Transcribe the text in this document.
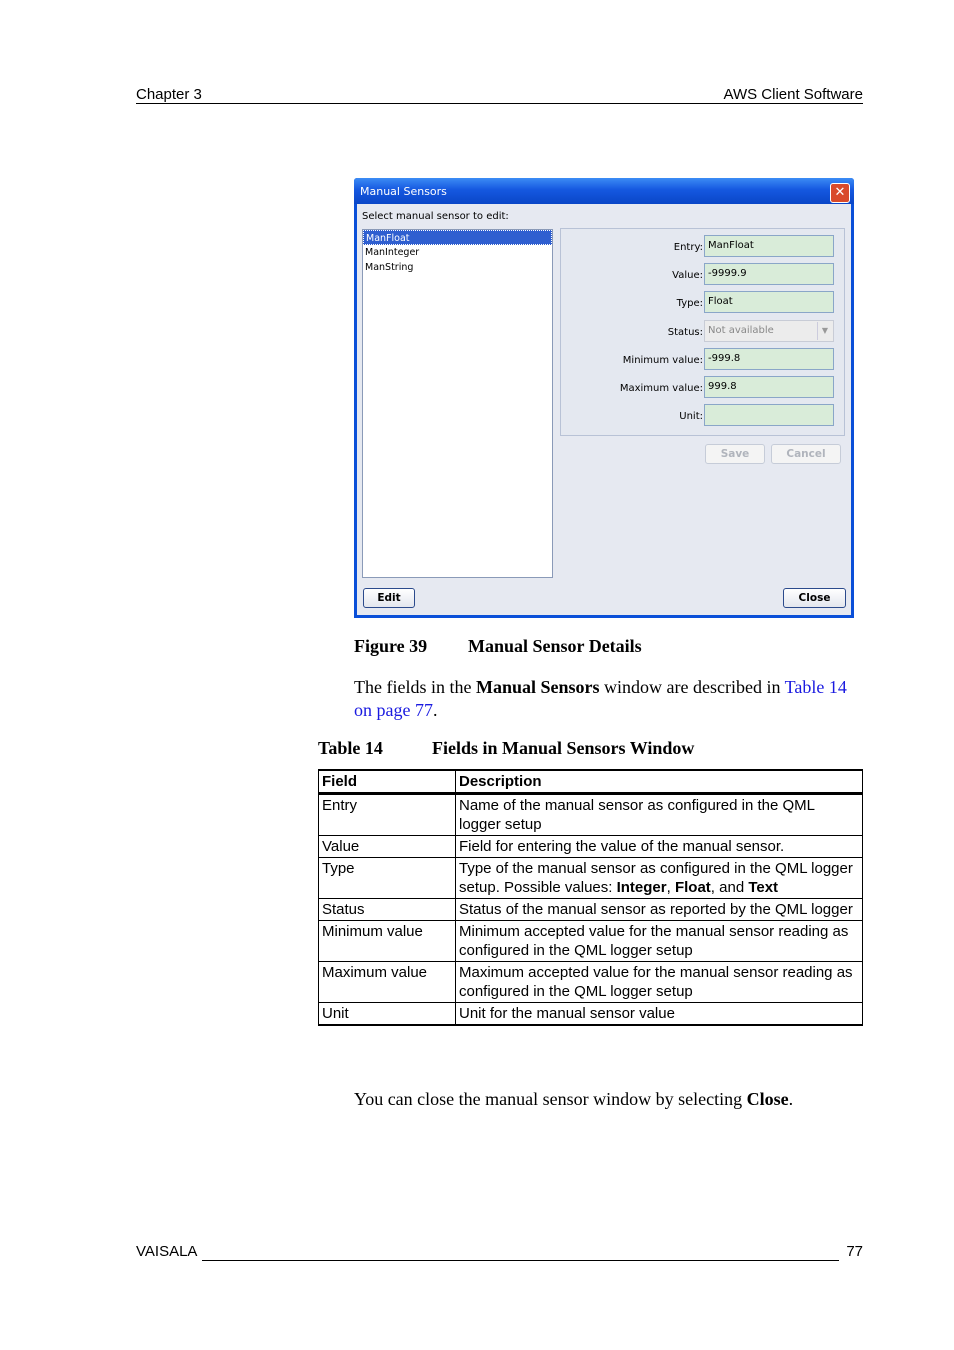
Chapter 3	AWS Client Software
Manual Sensors	✕
Select manual sensor to edit:
ManFloat
ManInteger
ManString
Entry: ManFloat
Value: -9999.9
Type: Float
Status: Not available	▼
Minimum value: -999.8
Maximum value: 999.8
Unit:
Save	Cancel
Edit	Close
Figure 39 Manual Sensor Details
The fields in the Manual Sensors window are described in Table 14 on page 77.
Table 14	Fields in Manual Sensors Window
Field	Description
Entry	Name of the manual sensor as configured in the QML logger setup
Value	Field for entering the value of the manual sensor.
Type	Type of the manual sensor as configured in the QML logger setup. Possible values: Integer, Float, and Text
Status	Status of the manual sensor as reported by the QML logger
Minimum value	Minimum accepted value for the manual sensor reading as configured in the QML logger setup
Maximum value	Maximum accepted value for the manual sensor reading as configured in the QML logger setup
Unit	Unit for the manual sensor value
You can close the manual sensor window by selecting Close.
VAISALA	77
